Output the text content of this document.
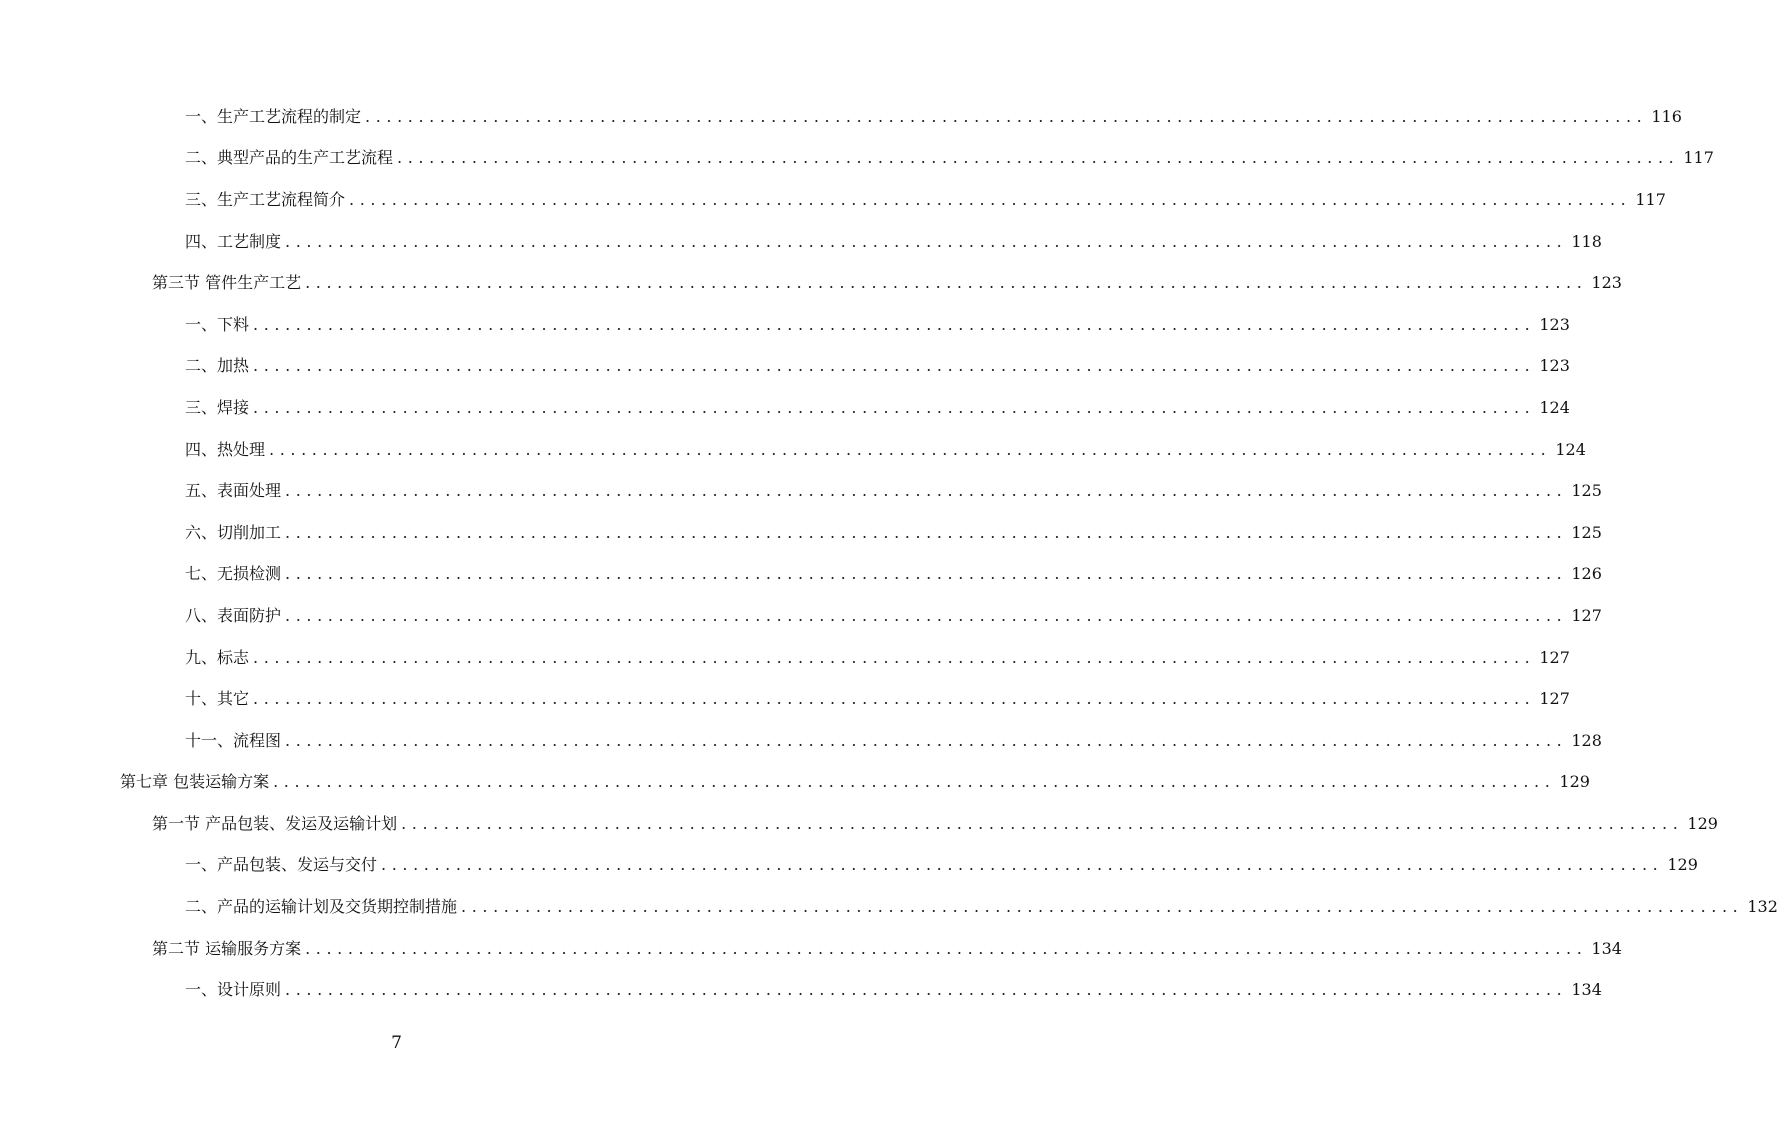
一、生产工艺流程的制定 ........................................................................................................................ 116
二、典型产品的生产工艺流程 ........................................................................................................................ 117
三、生产工艺流程简介 ........................................................................................................................ 117
四、工艺制度 ........................................................................................................................ 118
第三节 管件生产工艺 ........................................................................................................................ 123
一、下料 ........................................................................................................................ 123
二、加热 ........................................................................................................................ 123
三、焊接 ........................................................................................................................ 124
四、热处理 ........................................................................................................................ 124
五、表面处理 ........................................................................................................................ 125
六、切削加工 ........................................................................................................................ 125
七、无损检测 ........................................................................................................................ 126
八、表面防护 ........................................................................................................................ 127
九、标志 ........................................................................................................................ 127
十、其它 ........................................................................................................................ 127
十一、流程图 ........................................................................................................................ 128
第七章 包装运输方案 ........................................................................................................................ 129
第一节 产品包装、发运及运输计划 ........................................................................................................................ 129
一、产品包装、发运与交付 ........................................................................................................................ 129
二、产品的运输计划及交货期控制措施 ........................................................................................................................ 132
第二节 运输服务方案 ........................................................................................................................ 134
一、设计原则 ........................................................................................................................ 134
7
